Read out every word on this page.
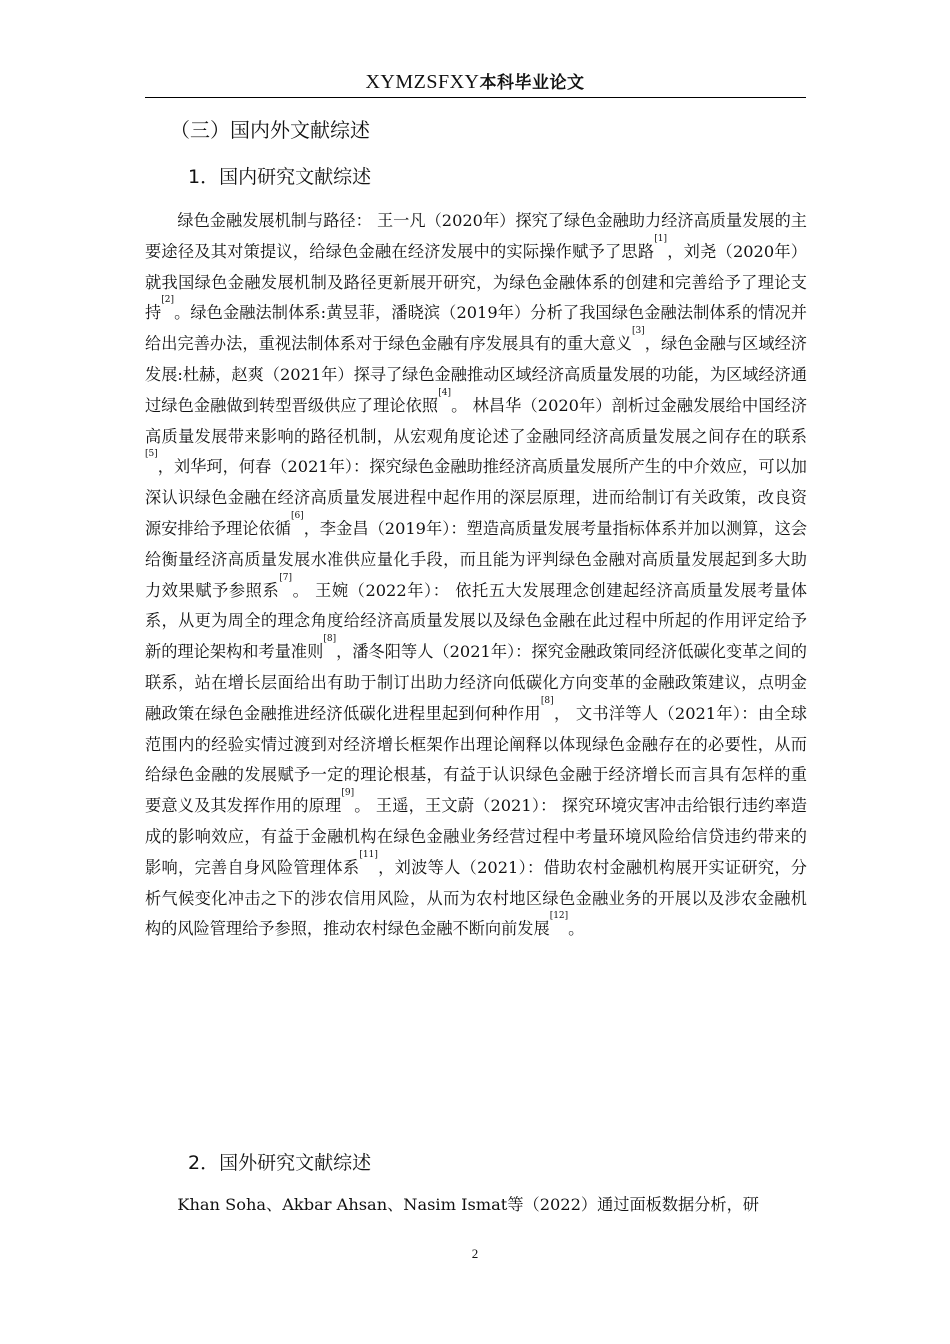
XYMZSFXY本科毕业论文
（三）国内外文献综述
1．国内研究文献综述

绿色金融发展机制与路径： 王一凡（2020年）探究了绿色金融助力经济高质量发展的主要途径及其对策提议，给绿色金融在经济发展中的实际操作赋予了思路[1]，刘尧（2020年）就我国绿色金融发展机制及路径更新展开研究，为绿色金融体系的创建和完善给予了理论支持[2]。绿色金融法制体系:黄昱菲，潘晓滨（2019年）分析了我国绿色金融法制体系的情况并给出完善办法，重视法制体系对于绿色金融有序发展具有的重大意义[3]，绿色金融与区域经济发展:杜赫，赵爽（2021年）探寻了绿色金融推动区域经济高质量发展的功能，为区域经济通过绿色金融做到转型晋级供应了理论依照[4]。 林昌华（2020年）剖析过金融发展给中国经济高质量发展带来影响的路径机制，从宏观角度论述了金融同经济高质量发展之间存在的联系[5]，刘华珂，何春（2021年）：探究绿色金融助推经济高质量发展所产生的中介效应，可以加深认识绿色金融在经济高质量发展进程中起作用的深层原理，进而给制订有关政策，改良资源安排给予理论依循[6]，李金昌（2019年）：塑造高质量发展考量指标体系并加以测算，这会给衡量经济高质量发展水准供应量化手段，而且能为评判绿色金融对高质量发展起到多大助力效果赋予参照系[7]。 王婉（2022年）： 依托五大发展理念创建起经济高质量发展考量体系，从更为周全的理念角度给经济高质量发展以及绿色金融在此过程中所起的作用评定给予新的理论架构和考量准则[8]，潘冬阳等人（2021年）：探究金融政策同经济低碳化变革之间的联系，站在增长层面给出有助于制订出助力经济向低碳化方向变革的金融政策建议，点明金融政策在绿色金融推进经济低碳化进程里起到何种作用[8]， 文书洋等人（2021年）：由全球范围内的经验实情过渡到对经济增长框架作出理论阐释以体现绿色金融存在的必要性，从而给绿色金融的发展赋予一定的理论根基，有益于认识绿色金融于经济增长而言具有怎样的重要意义及其发挥作用的原理[9]。 王遥，王文蔚（2021）： 探究环境灾害冲击给银行违约率造成的影响效应，有益于金融机构在绿色金融业务经营过程中考量环境风险给信贷违约带来的影响，完善自身风险管理体系[11]，刘波等人（2021）：借助农村金融机构展开实证研究，分析气候变化冲击之下的涉农信用风险，从而为农村地区绿色金融业务的开展以及涉农金融机构的风险管理给予参照，推动农村绿色金融不断向前发展[12]。

2．国外研究文献综述

Khan Soha、Akbar Ahsan、Nasim Ismat等（2022）通过面板数据分析，研

2
